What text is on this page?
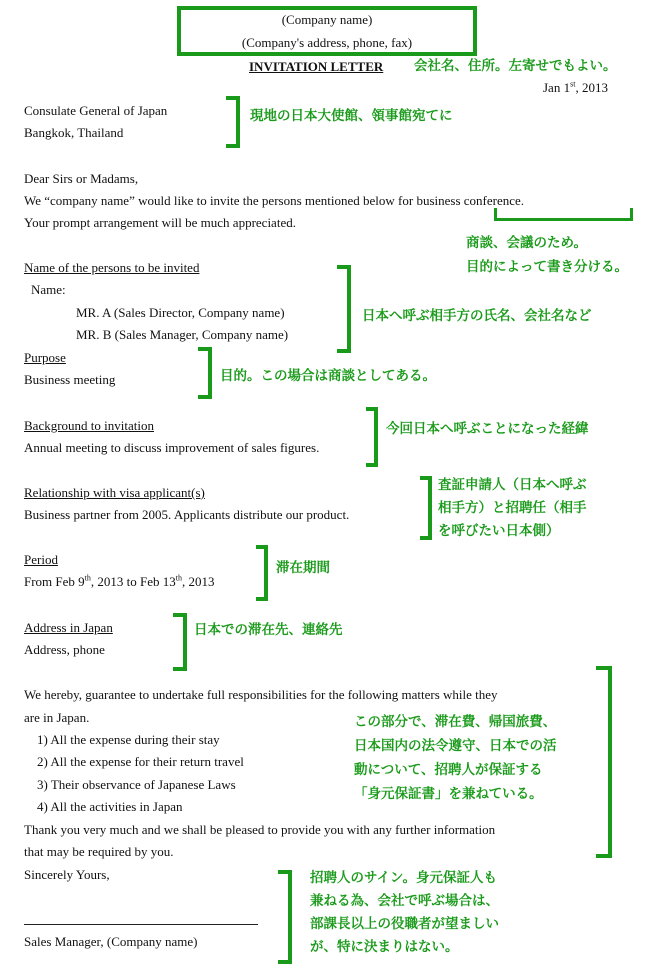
(Company name)
(Company's address, phone, fax)
INVITATION LETTER 会社名、住所。左寄せでもよい。
Jan 1st, 2013
Consulate General of Japan
Bangkok, Thailand
現地の日本大使館、領事館宛てに
Dear Sirs or Madams,
We “company name” would like to invite the persons mentioned below for business conference.
Your prompt arrangement will be much appreciated.
商談、会議のため。
目的によって書き分ける。
Name of the persons to be invited
Name:
MR. A (Sales Director, Company name)
MR. B (Sales Manager, Company name)
日本へ呼ぶ相手方の氏名、会社名など
Purpose
Business meeting	目的。この場合は商談としてある。
Background to invitation
Annual meeting to discuss improvement of sales figures.
今回日本へ呼ぶことになった経緯
Relationship with visa applicant(s)
Business partner from 2005. Applicants distribute our product.
査証申請人（日本へ呼ぶ
相手方）と招聘任（相手
を呼びたい日本側）
Period
From Feb 9th, 2013 to Feb 13th, 2013
滞在期間
Address in Japan
Address, phone
日本での滞在先、連絡先
We hereby, guarantee to undertake full responsibilities for the following matters while they
are in Japan.
1) All the expense during their stay
2) All the expense for their return travel
3) Their observance of Japanese Laws
4) All the activities in Japan
Thank you very much and we shall be pleased to provide you with any further information
that may be required by you.
この部分で、滞在費、帰国旅費、
日本国内の法令遵守、日本での活
動について、招聘人が保証する
「身元保証書」を兼ねている。
Sincerely Yours,
Sales Manager, (Company name)
招聘人のサイン。身元保証人も
兼ねる為、会社で呼ぶ場合は、
部課長以上の役職者が望ましい
が、特に決まりはない。
